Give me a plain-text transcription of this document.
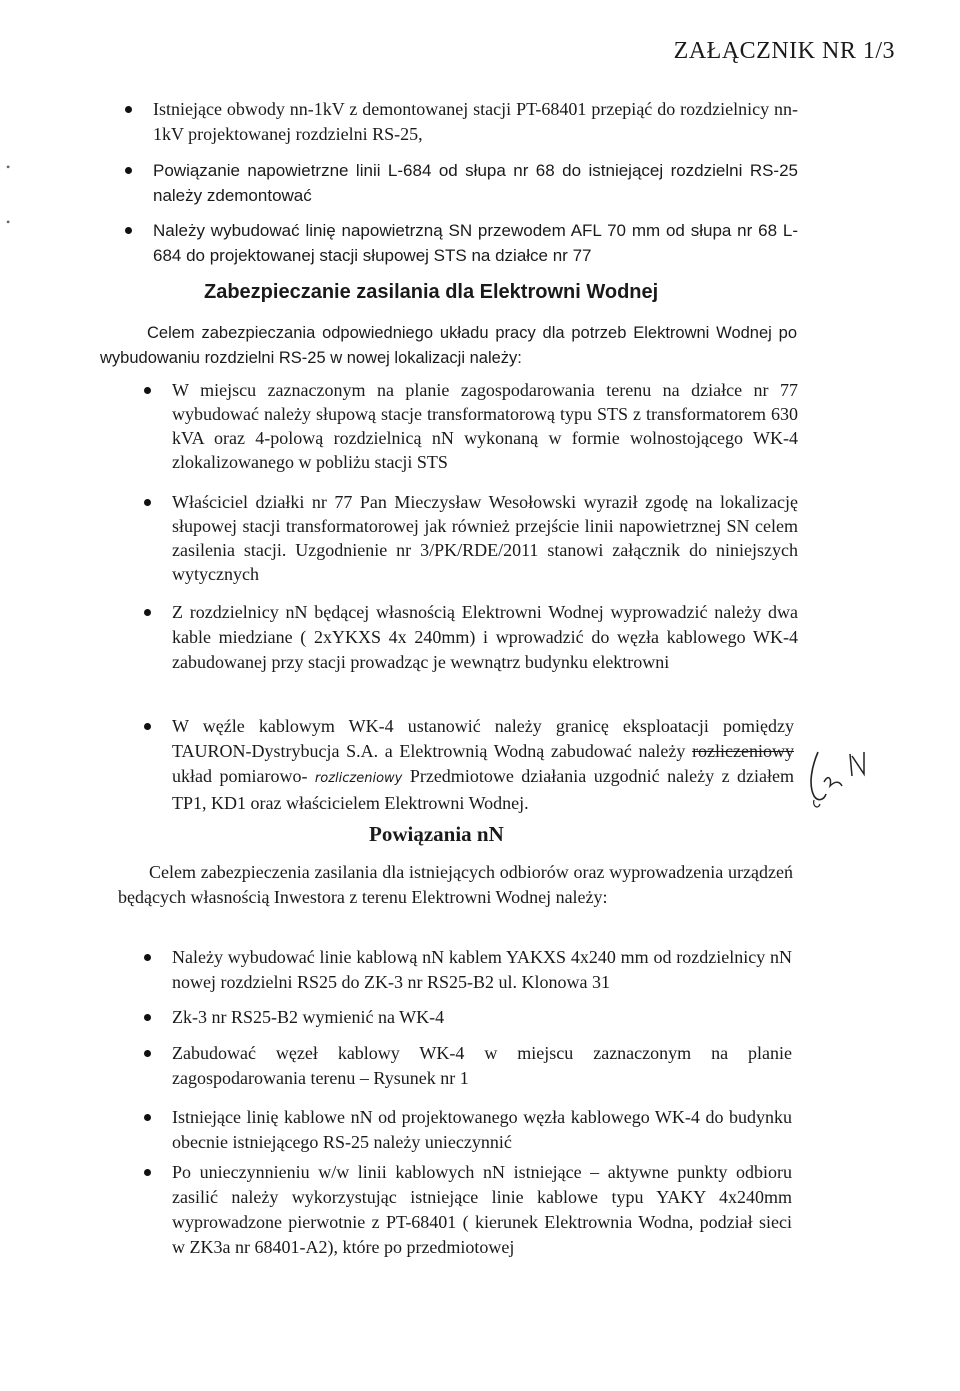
ZAŁĄCZNIK NR 1/3

Istniejące obwody nn-1kV z demontowanej stacji PT-68401 przepiąć do rozdzielnicy nn-1kV projektowanej rozdzielni RS-25,

Powiązanie napowietrzne linii L-684 od słupa nr 68 do istniejącej rozdzielni RS-25 należy zdemontować

Należy wybudować linię napowietrzną SN przewodem AFL 70 mm od słupa nr 68 L-684 do projektowanej stacji słupowej STS na działce nr 77

Zabezpieczanie zasilania dla Elektrowni Wodnej

Celem zabezpieczania odpowiedniego układu pracy dla potrzeb Elektrowni Wodnej po wybudowaniu rozdzielni RS-25 w nowej lokalizacji należy:

W miejscu zaznaczonym na planie zagospodarowania terenu na działce nr 77 wybudować należy słupową stacje transformatorową typu STS z transformatorem 630 kVA oraz 4-polową rozdzielnicą nN wykonaną w formie wolnostojącego WK-4 zlokalizowanego w pobliżu stacji STS

Właściciel działki nr 77 Pan Mieczysław Wesołowski wyraził zgodę na lokalizację słupowej stacji transformatorowej jak również przejście linii napowietrznej SN celem zasilenia stacji. Uzgodnienie nr 3/PK/RDE/2011 stanowi załącznik do niniejszych wytycznych

Z rozdzielnicy nN będącej własnością Elektrowni Wodnej wyprowadzić należy dwa kable miedziane ( 2xYKXS 4x 240mm) i wprowadzić do węzła kablowego WK-4 zabudowanej przy stacji prowadząc je wewnątrz budynku elektrowni

W węźle kablowym WK-4 ustanowić należy granicę eksploatacji pomiędzy TAURON-Dystrybucja S.A. a Elektrownią Wodną zabudować należy rozliczeniowy układ pomiarowo- rozliczeniowy Przedmiotowe działania uzgodnić należy z działem TP1, KD1 oraz właścicielem Elektrowni Wodnej.

Powiązania nN

Celem zabezpieczenia zasilania dla istniejących odbiorów oraz wyprowadzenia urządzeń będących własnością Inwestora z terenu Elektrowni Wodnej należy:

Należy wybudować linie kablową nN kablem YAKXS 4x240 mm od rozdzielnicy nN nowej rozdzielni RS25 do ZK-3 nr RS25-B2 ul. Klonowa 31

Zk-3 nr RS25-B2 wymienić na WK-4

Zabudować węzeł kablowy WK-4 w miejscu zaznaczonym na planie zagospodarowania terenu – Rysunek nr 1

Istniejące linię kablowe nN od projektowanego węzła kablowego WK-4 do budynku obecnie istniejącego RS-25 należy unieczynnić

Po unieczynnieniu w/w linii kablowych nN istniejące – aktywne punkty odbioru zasilić należy wykorzystując istniejące linie kablowe typu YAKY 4x240mm wyprowadzone pierwotnie z PT-68401 ( kierunek Elektrownia Wodna, podział sieci w ZK3a nr 68401-A2), które po przedmiotowej

•
•
